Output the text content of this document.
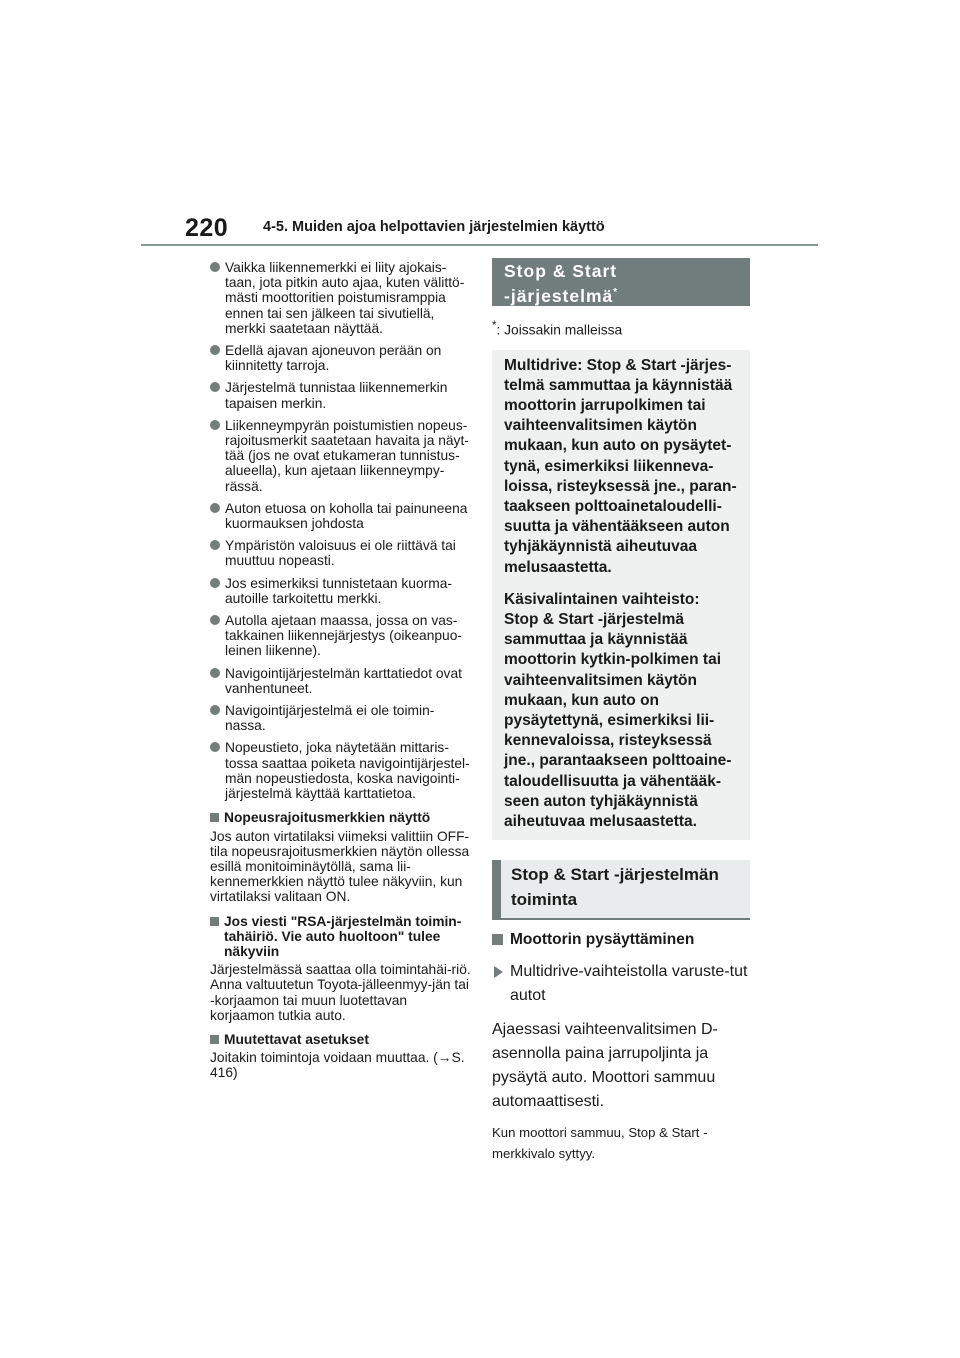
220 4-5. Muiden ajoa helpottavien järjestelmien käyttö
Vaikka liikennemerkki ei liity ajokais-taan, jota pitkin auto ajaa, kuten välittö-mästi moottoritien poistumisramppia ennen tai sen jälkeen tai sivutiellä, merkki saatetaan näyttää.
Edellä ajavan ajoneuvon perään on kiinnitetty tarroja.
Järjestelmä tunnistaa liikennemerkin tapaisen merkin.
Liikenneympyrän poistumistien nopeus-rajoitusmerkit saatetaan havaita ja näyt-tää (jos ne ovat etukameran tunnistus-alueella), kun ajetaan liikenneympy-rässä.
Auton etuosa on koholla tai painuneena kuormauksen johdosta
Ympäristön valoisuus ei ole riittävä tai muuttuu nopeasti.
Jos esimerkiksi tunnistetaan kuorma-autoille tarkoitettu merkki.
Autolla ajetaan maassa, jossa on vas-takkainen liikennejärjestys (oikeanpuo-leinen liikenne).
Navigointijärjestelmän karttatiedot ovat vanhentuneet.
Navigointijärjestelmä ei ole toimin-nassa.
Nopeustieto, joka näytetään mittaris-tossa saattaa poiketa navigointijärjestel-män nopeustiedosta, koska navigointi-järjestelmä käyttää karttatietoa.
Nopeusrajoitusmerkkien näyttö
Jos auton virtatilaksi viimeksi valittiin OFF-tila nopeusrajoitusmerkkien näytön ollessa esillä monitoiminäytöllä, sama lii-kennemerkkien näyttö tulee näkyviin, kun virtatilaksi valitaan ON.
Jos viesti "RSA-järjestelmän toimin-tahäiriö. Vie auto huoltoon" tulee näkyviin
Järjestelmässä saattaa olla toimintahäi-riö. Anna valtuutetun Toyota-jälleenmyy-jän tai -korjaamon tai muun luotettavan korjaamon tutkia auto.
Muutettavat asetukset
Joitakin toimintoja voidaan muuttaa. (→S. 416)
Stop & Start
-järjestelmä*
*: Joissakin malleissa

Multidrive: Stop & Start -järjes-telmä sammuttaa ja käynnistää moottorin jarrupolkimen tai vaihteenvalitsimen käytön mukaan, kun auto on pysäytet-tynä, esimerkiksi liikenneva-loissa, risteyksessä jne., paran-taakseen polttoainetaloudelli-suutta ja vähentääkseen auton tyhjäkäynnistä aiheutuvaa melusaastetta.

Käsivalintainen vaihteisto: Stop & Start -järjestelmä sammuttaa ja käynnistää moottorin kytkin-polkimen tai vaihteenvalitsimen käytön mukaan, kun auto on pysäytettynä, esimerkiksi lii-kennevaloissa, risteyksessä jne., parantaakseen polttoaine-taloudellisuutta ja vähentääk-seen auton tyhjäkäynnistä aiheutuvaa melusaastetta.

Stop & Start -järjestelmän toiminta
Moottorin pysäyttäminen
Multidrive-vaihteistolla varuste-tut autot
Ajaessasi vaihteenvalitsimen D-asennolla paina jarrupoljinta ja pysäytä auto. Moottori sammuu automaattisesti.
Kun moottori sammuu, Stop & Start -merkkivalo syttyy.
